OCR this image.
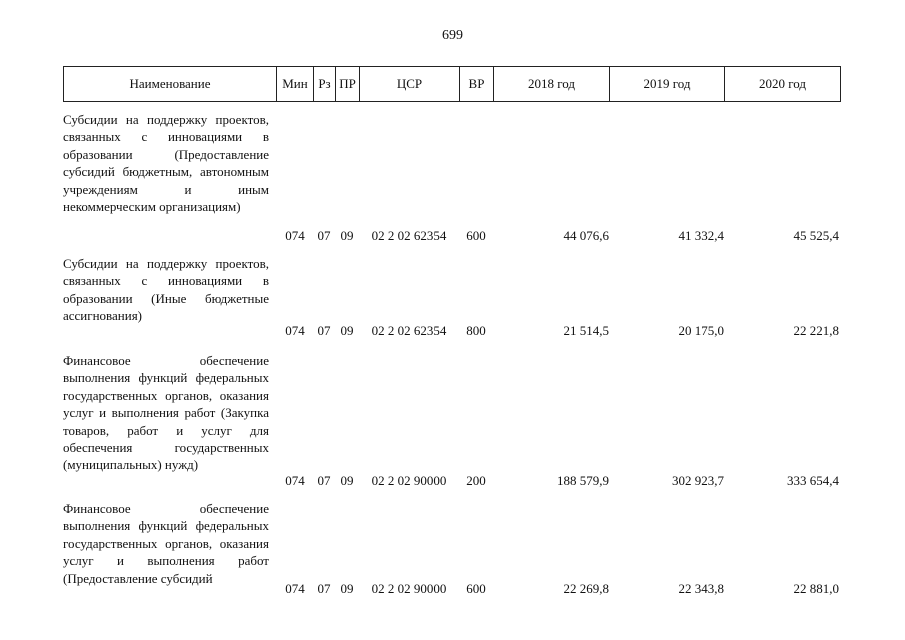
699
Наименование	Мин Рз ПР	ЦСР	ВР	2018 год	2019 год	2020 год
Субсидии на поддержку проектов, связанных с инновациями в образовании (Предоставление субсидий бюджетным, автономным учреждениям и иным некоммерческим организациям)
074 07 09	02 2 02 62354	600	44 076,6	41 332,4	45 525,4
Субсидии на поддержку проектов, связанных с инновациями в образовании (Иные бюджетные ассигнования)
074 07 09	02 2 02 62354	800	21 514,5	20 175,0	22 221,8
Финансовое обеспечение выполнения функций федеральных государственных органов, оказания услуг и выполнения работ (Закупка товаров, работ и услуг для обеспечения государственных (муниципальных) нужд)
074 07 09	02 2 02 90000	200	188 579,9	302 923,7	333 654,4
Финансовое обеспечение выполнения функций федеральных государственных органов, оказания услуг и выполнения работ (Предоставление субсидий
074 07 09	02 2 02 90000	600	22 269,8	22 343,8	22 881,0
